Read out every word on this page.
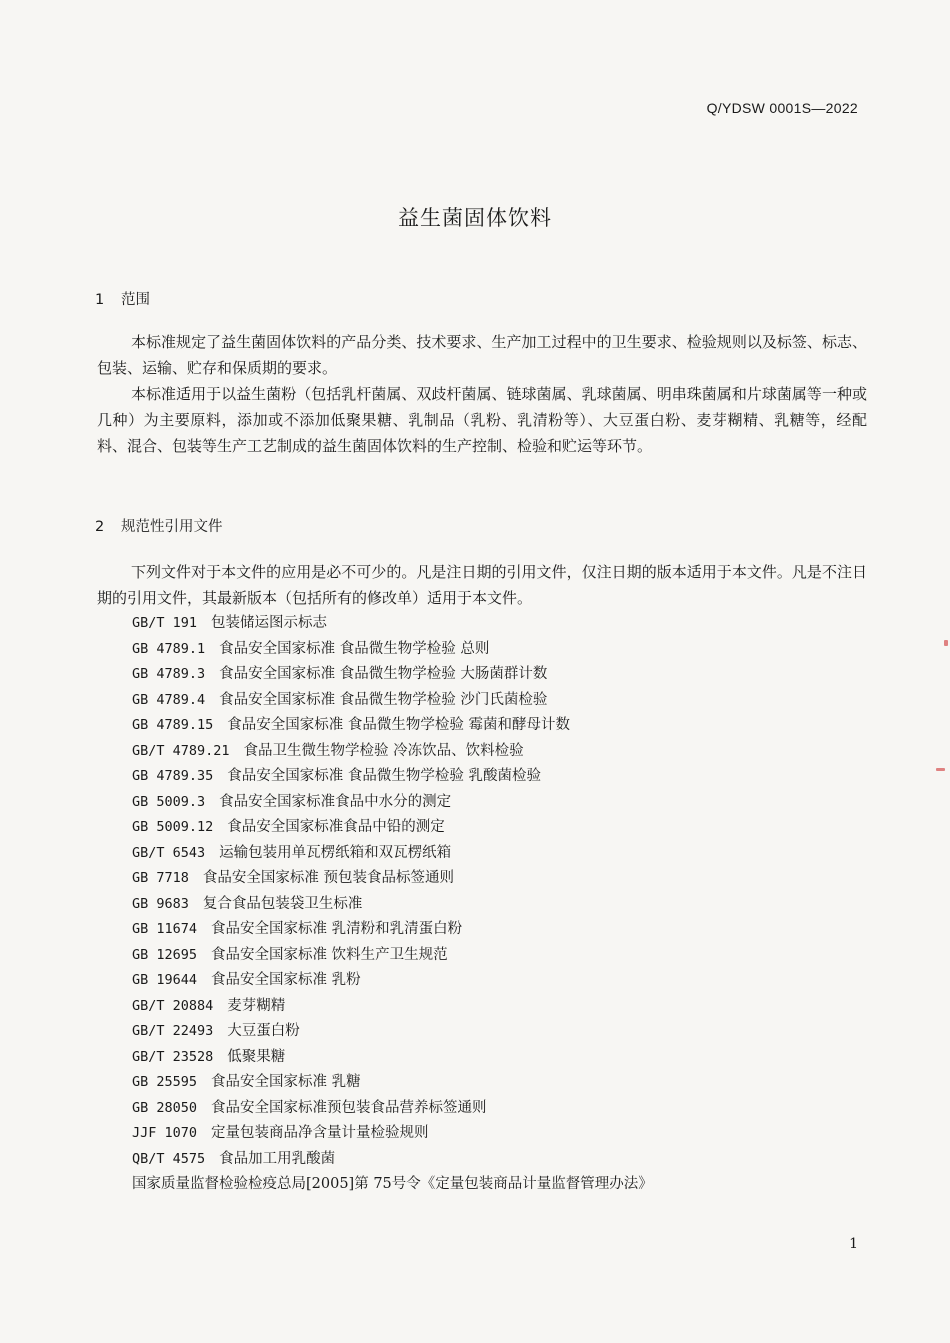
Q/YDSW 0001S—2022
益生菌固体饮料
1 范围

本标准规定了益生菌固体饮料的产品分类、技术要求、生产加工过程中的卫生要求、检验规则以及标签、标志、包装、运输、贮存和保质期的要求。

本标准适用于以益生菌粉（包括乳杆菌属、双歧杆菌属、链球菌属、乳球菌属、明串珠菌属和片球菌属等一种或几种）为主要原料，添加或不添加低聚果糖、乳制品（乳粉、乳清粉等）、大豆蛋白粉、麦芽糊精、乳糖等，经配料、混合、包装等生产工艺制成的益生菌固体饮料的生产控制、检验和贮运等环节。

2 规范性引用文件

下列文件对于本文件的应用是必不可少的。凡是注日期的引用文件，仅注日期的版本适用于本文件。凡是不注日期的引用文件，其最新版本（包括所有的修改单）适用于本文件。

GB/T 191 包装储运图示标志
GB 4789.1 食品安全国家标准 食品微生物学检验 总则
GB 4789.3 食品安全国家标准 食品微生物学检验 大肠菌群计数
GB 4789.4 食品安全国家标准 食品微生物学检验 沙门氏菌检验
GB 4789.15 食品安全国家标准 食品微生物学检验 霉菌和酵母计数
GB/T 4789.21 食品卫生微生物学检验 冷冻饮品、饮料检验
GB 4789.35 食品安全国家标准 食品微生物学检验 乳酸菌检验
GB 5009.3 食品安全国家标准食品中水分的测定
GB 5009.12 食品安全国家标准食品中铅的测定
GB/T 6543 运输包装用单瓦楞纸箱和双瓦楞纸箱
GB 7718 食品安全国家标准 预包装食品标签通则
GB 9683 复合食品包装袋卫生标准
GB 11674 食品安全国家标准 乳清粉和乳清蛋白粉
GB 12695 食品安全国家标准 饮料生产卫生规范
GB 19644 食品安全国家标准 乳粉
GB/T 20884 麦芽糊精
GB/T 22493 大豆蛋白粉
GB/T 23528 低聚果糖
GB 25595 食品安全国家标准 乳糖
GB 28050 食品安全国家标准预包装食品营养标签通则
JJF 1070 定量包装商品净含量计量检验规则
QB/T 4575 食品加工用乳酸菌
国家质量监督检验检疫总局[2005]第 75号令《定量包装商品计量监督管理办法》
1
